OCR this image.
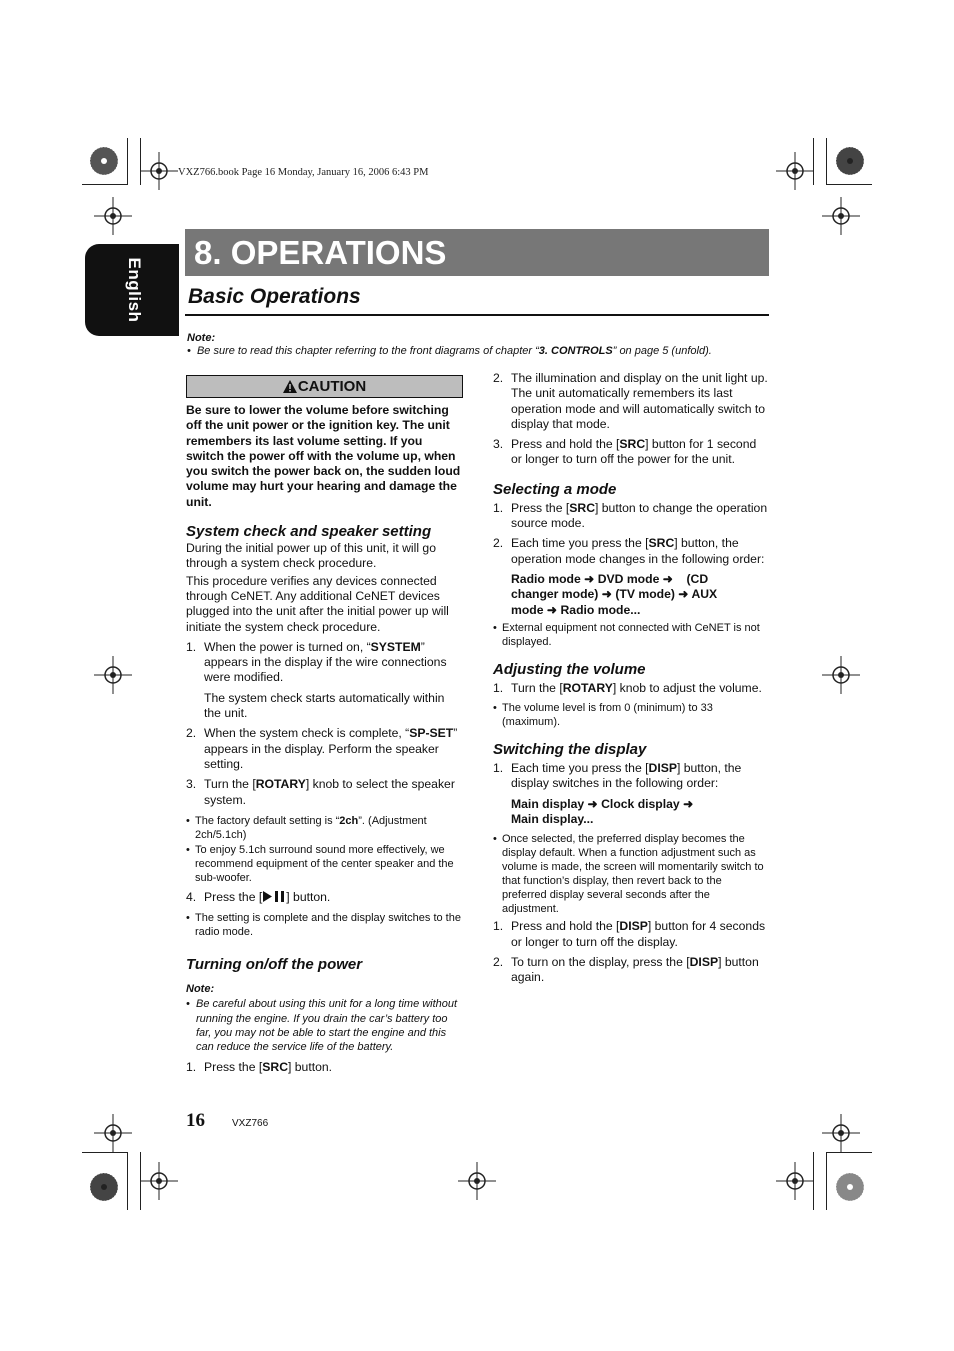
VXZ766.book Page 16 Monday, January 16, 2006 6:43 PM
English
8. OPERATIONS
Basic Operations
Note:
•  Be sure to read this chapter referring to the front diagrams of chapter “3. CONTROLS” on page 5 (unfold).
CAUTION

Be sure to lower the volume before switching off the unit power or the ignition key. The unit remembers its last volume setting. If you switch the power off with the volume up, when you switch the power back on, the sudden loud volume may hurt your hearing and damage the unit.

System check and speaker setting

During the initial power up of this unit, it will go through a system check procedure.

This procedure verifies any devices connected through CeNET. Any additional CeNET devices plugged into the unit after the initial power up will initiate the system check procedure.

1. When the power is turned on, “SYSTEM” appears in the display if the wire connections were modified.

The system check starts automatically within the unit.

2. When the system check is complete, “SP-SET” appears in the display. Perform the speaker setting.
3. Turn the [ROTARY] knob to select the speaker system.
• The factory default setting is “2ch”. (Adjustment 2ch/5.1ch)
• To enjoy 5.1ch surround sound more effectively, we recommend equipment of the center speaker and the sub-woofer.
4. Press the [ ] button.
• The setting is complete and the display switches to the radio mode.
Turning on/off the power
Note:
• Be careful about using this unit for a long time without running the engine. If you drain the car’s battery too far, you may not be able to start the engine and this can reduce the service life of the battery.
1. Press the [SRC] button.
2. The illumination and display on the unit light up. The unit automatically remembers its last operation mode and will automatically switch to display that mode.
3. Press and hold the [SRC] button for 1 second or longer to turn off the power for the unit.
Selecting a mode
1. Press the [SRC] button to change the operation source mode.
2. Each time you press the [SRC] button, the operation mode changes in the following order:
Radio mode ➜ DVD mode ➜    (CD
changer mode) ➜ (TV mode) ➜ AUX
mode ➜ Radio mode...
• External equipment not connected with CeNET is not displayed.
Adjusting the volume
1. Turn the [ROTARY] knob to adjust the volume.
• The volume level is from 0 (minimum) to 33 (maximum).
Switching the display
1. Each time you press the [DISP] button, the display switches in the following order:
Main display ➜ Clock display ➜
Main display...
• Once selected, the preferred display becomes the display default. When a function adjustment such as volume is made, the screen will momentarily switch to that function’s display, then revert back to the preferred display several seconds after the adjustment.
1. Press and hold the [DISP] button for 4 seconds or longer to turn off the display.
2. To turn on the display, press the [DISP] button again.
16	VXZ766
